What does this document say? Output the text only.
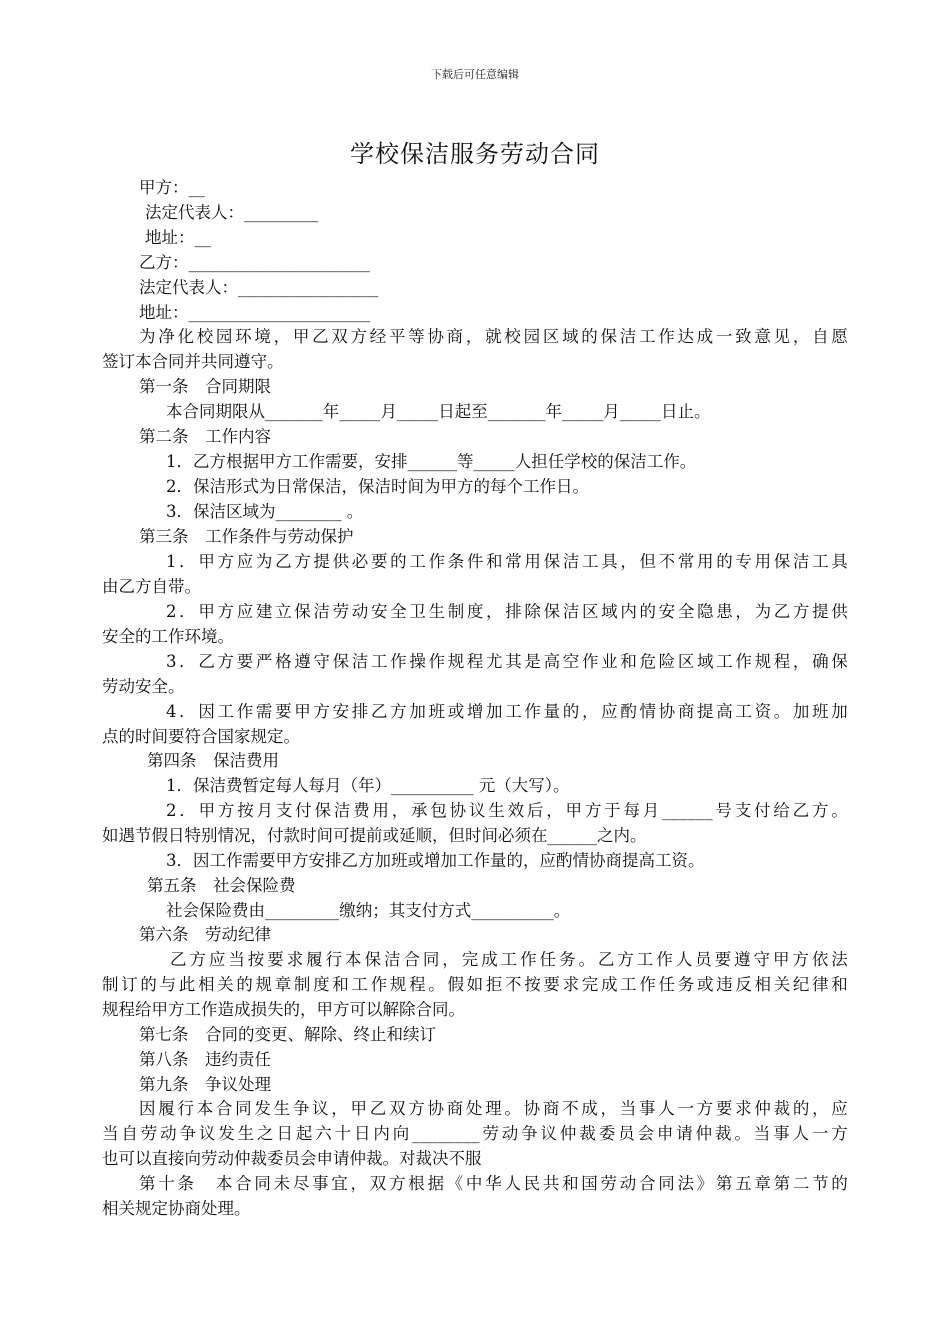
下载后可任意编辑
学校保洁服务劳动合同
甲方：__
法定代表人：_________
地址：__
乙方：______________________
法定代表人：_________________
地址：______________________
为净化校园环境，甲乙双方经平等协商，就校园区域的保洁工作达成一致意见，自愿
签订本合同并共同遵守。
第一条　合同期限
本合同期限从_______年_____月_____日起至_______年_____月_____日止。
第二条　工作内容
1．乙方根据甲方工作需要，安排______等_____人担任学校的保洁工作。
2．保洁形式为日常保洁，保洁时间为甲方的每个工作日。
3．保洁区域为________ 。
第三条　工作条件与劳动保护
1．甲方应为乙方提供必要的工作条件和常用保洁工具，但不常用的专用保洁工具
由乙方自带。
2．甲方应建立保洁劳动安全卫生制度，排除保洁区域内的安全隐患，为乙方提供
安全的工作环境。
3．乙方要严格遵守保洁工作操作规程尤其是高空作业和危险区域工作规程，确保
劳动安全。
4．因工作需要甲方安排乙方加班或增加工作量的，应酌情协商提高工资。加班加
点的时间要符合国家规定。
第四条　保洁费用
1．保洁费暂定每人每月（年）__________ 元（大写）。
2．甲方按月支付保洁费用，承包协议生效后，甲方于每月______号支付给乙方。
如遇节假日特别情况，付款时间可提前或延顺，但时间必须在______之内。
3．因工作需要甲方安排乙方加班或增加工作量的，应酌情协商提高工资。
第五条　社会保险费
社会保险费由_________缴纳；其支付方式__________。
第六条　劳动纪律
乙方应当按要求履行本保洁合同，完成工作任务。乙方工作人员要遵守甲方依法
制订的与此相关的规章制度和工作规程。假如拒不按要求完成工作任务或违反相关纪律和
规程给甲方工作造成损失的，甲方可以解除合同。
第七条　合同的变更、解除、终止和续订
第八条　违约责任
第九条　争议处理
因履行本合同发生争议，甲乙双方协商处理。协商不成，当事人一方要求仲裁的，应
当自劳动争议发生之日起六十日内向________劳动争议仲裁委员会申请仲裁。当事人一方
也可以直接向劳动仲裁委员会申请仲裁。对裁决不服
第十条　本合同未尽事宜，双方根据《中华人民共和国劳动合同法》第五章第二节的
相关规定协商处理。
